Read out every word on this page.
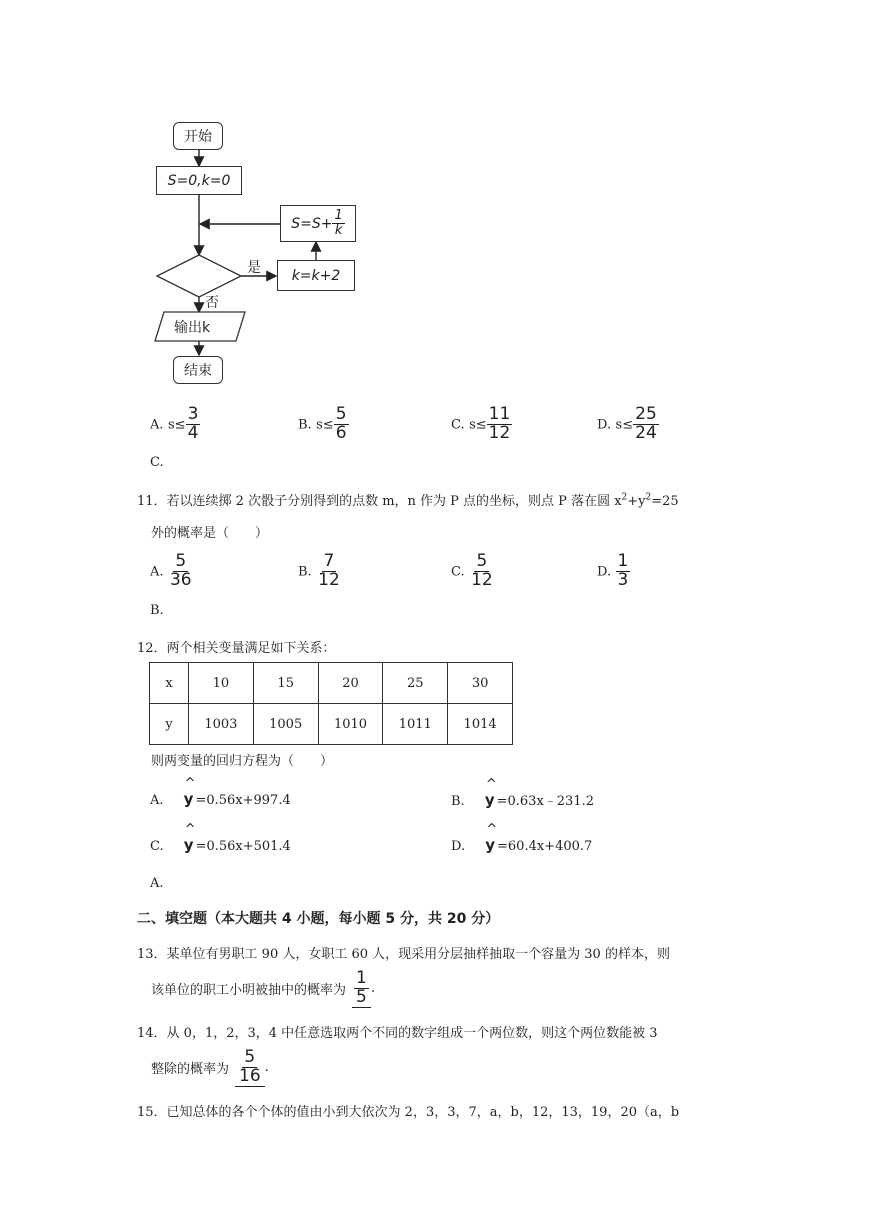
开始
S=0,k=0
$S=S+ \frac{1}{k}$
k=k+2
是
否
输出k
结束
A. $s\le \frac{3}{4}$	B. $s\le \frac{5}{6}$	C. $s\le \frac{11}{12}$	D. $s\le \frac{25}{24}$
C.
11．若以连续掷 2 次骰子分别得到的点数 m，n 作为 P 点的坐标，则点 P 落在圆 $x^2+y^2=25$
外的概率是（　　）
A. $\frac{5}{36}$	B. $\frac{7}{12}$	C. $\frac{5}{12}$	D. $\frac{1}{3}$
B.
12．两个相关变量满足如下关系：
x	10	15	20	25	30
y	1003	1005	1010	1011	1014
则两变量的回归方程为（　　）
A. ^ y =0.56x+997.4	B. ^ y =0.63x﹣231.2
C. ^ y =0.56x+501.4	D. ^ y =60.4x+400.7
A.
二、填空题（本大题共 4 小题，每小题 5 分，共 20 分）
13．某单位有男职工 90 人，女职工 60 人，现采用分层抽样抽取一个容量为 30 的样本，则
该单位的职工小明被抽中的概率为 $\frac{1}{5}$ .
14．从 0，1，2，3，4 中任意选取两个不同的数字组成一个两位数，则这个两位数能被 3
整除的概率为 $\frac{5}{16}$ .
15．已知总体的各个个体的值由小到大依次为 2，3，3，7，a，b，12，13，19，20（a，b
